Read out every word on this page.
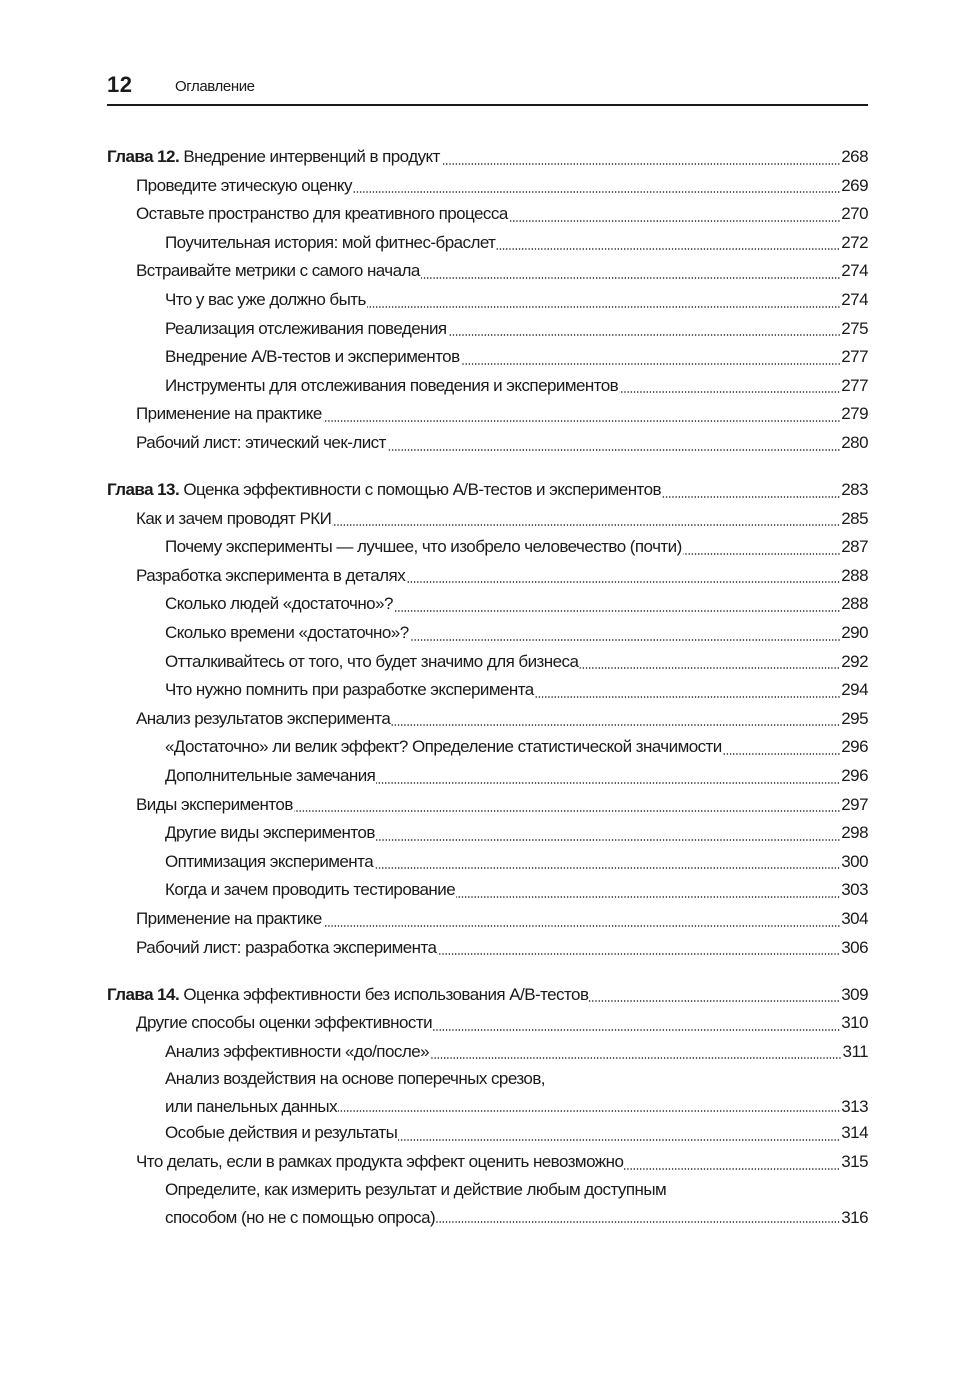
12	Оглавление
Глава 12. Внедрение интервенций в продукт	268
Проведите этическую оценку	269
Оставьте пространство для креативного процесса	270
Поучительная история: мой фитнес-браслет	272
Встраивайте метрики с самого начала	274
Что у вас уже должно быть	274
Реализация отслеживания поведения	275
Внедрение A/B-тестов и экспериментов	277
Инструменты для отслеживания поведения и экспериментов	277
Применение на практике	279
Рабочий лист: этический чек-лист	280
Глава 13. Оценка эффективности с помощью A/B-тестов и экспериментов	283
Как и зачем проводят РКИ	285
Почему эксперименты — лучшее, что изобрело человечество (почти)	287
Разработка эксперимента в деталях	288
Сколько людей «достаточно»?	288
Сколько времени «достаточно»?	290
Отталкивайтесь от того, что будет значимо для бизнеса	292
Что нужно помнить при разработке эксперимента	294
Анализ результатов эксперимента	295
«Достаточно» ли велик эффект? Определение статистической значимости	296
Дополнительные замечания	296
Виды экспериментов	297
Другие виды экспериментов	298
Оптимизация эксперимента	300
Когда и зачем проводить тестирование	303
Применение на практике	304
Рабочий лист: разработка эксперимента	306
Глава 14. Оценка эффективности без использования A/B-тестов	309
Другие способы оценки эффективности	310
Анализ эффективности «до/после»	311
Анализ воздействия на основе поперечных срезов,
или панельных данных	313
Особые действия и результаты	314
Что делать, если в рамках продукта эффект оценить невозможно	315
Определите, как измерить результат и действие любым доступным
способом (но не с помощью опроса)	316
